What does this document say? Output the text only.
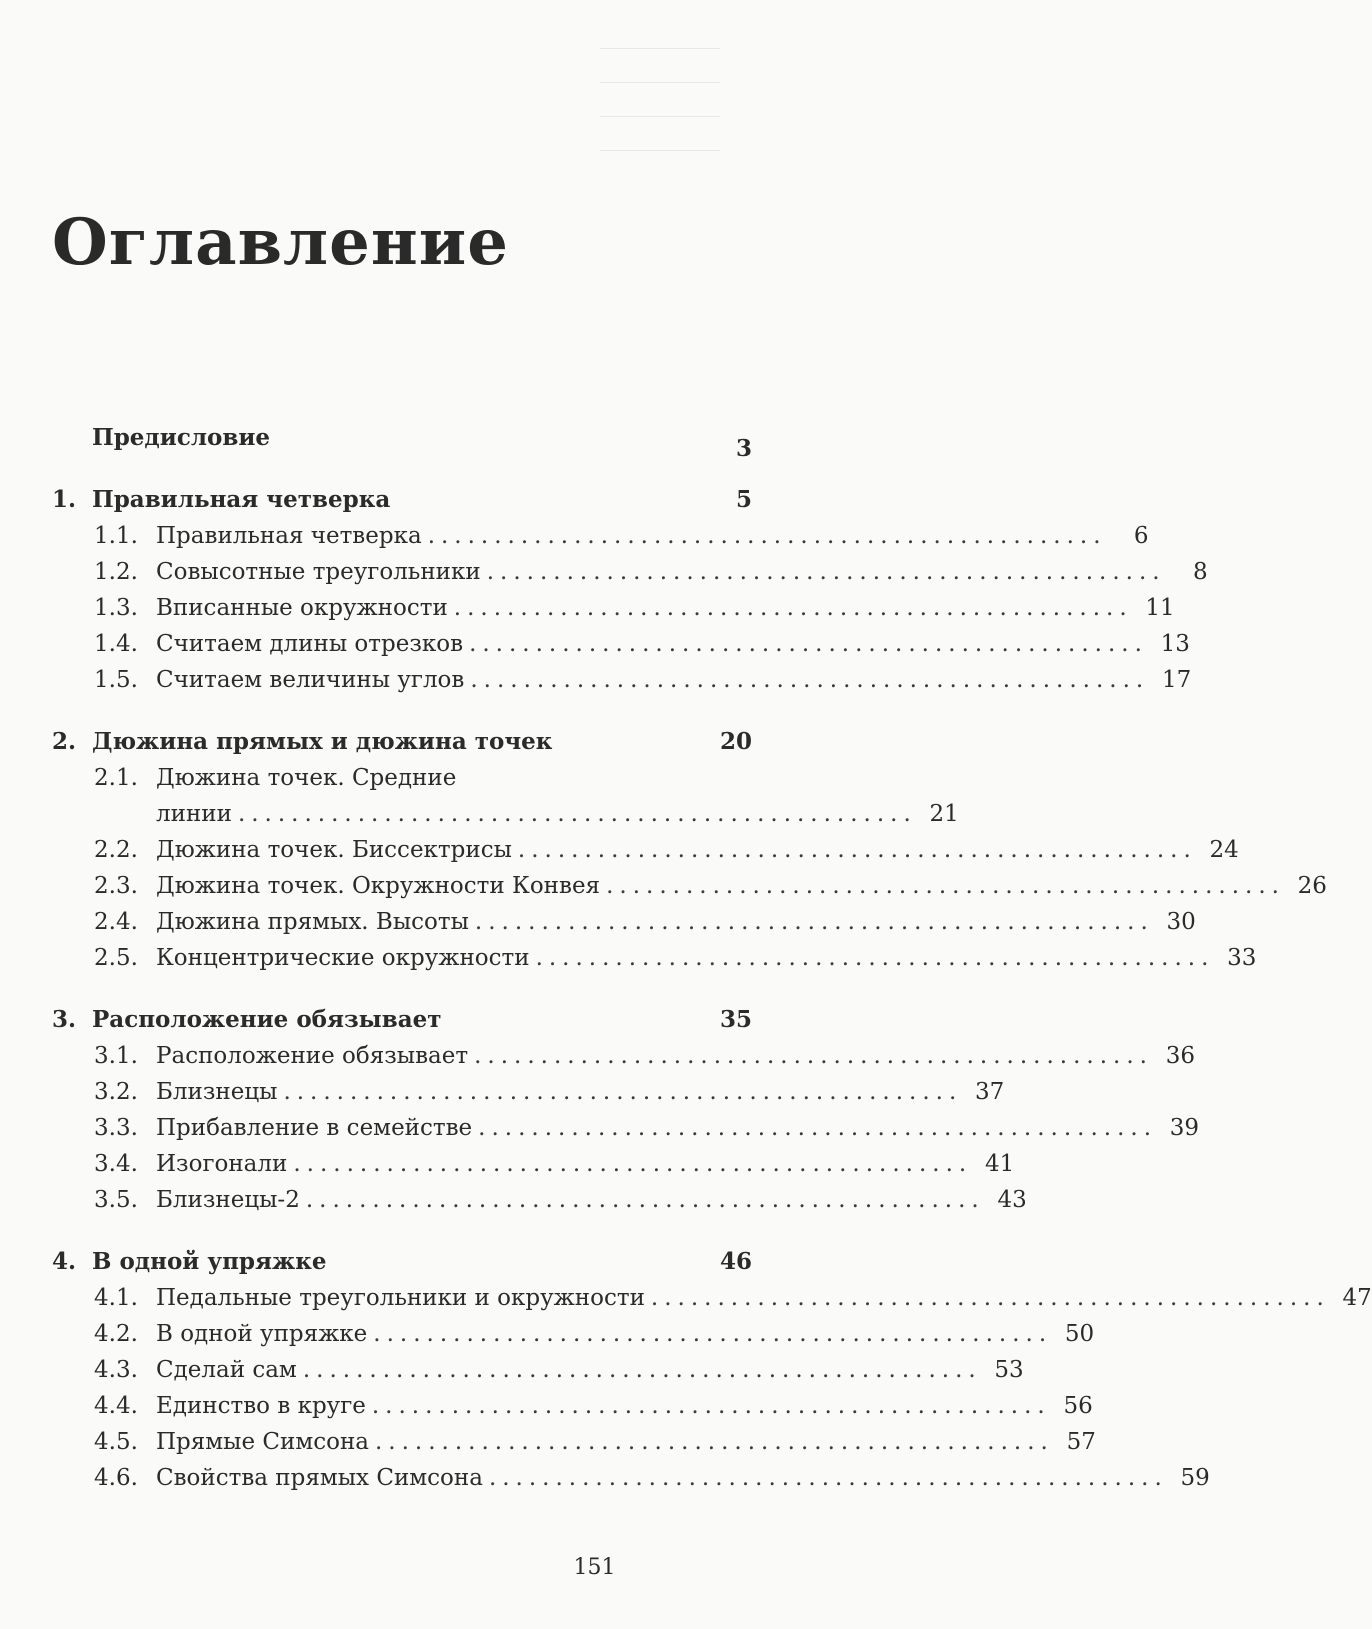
Оглавление
Предисловие	3
1. Правильная четверка	5
1.1. Правильная четверка ...................................................	6
1.2. Совысотные треугольники ...................................................	8
1.3. Вписанные окружности ................................................... 11
1.4. Считаем длины отрезков ................................................... 13
1.5. Считаем величины углов ................................................... 17
2. Дюжина прямых и дюжина точек	20
2.1. Дюжина точек. Средние
линии ................................................... 21
2.2. Дюжина точек. Биссектрисы ................................................... 24
2.3. Дюжина точек. Окружности Конвея ................................................... 26
2.4. Дюжина прямых. Высоты ................................................... 30
2.5. Концентрические окружности ................................................... 33
3. Расположение обязывает	35
3.1. Расположение обязывает ................................................... 36
3.2. Близнецы ................................................... 37
3.3. Прибавление в семействе ................................................... 39
3.4. Изогонали ................................................... 41
3.5. Близнецы-2 ................................................... 43
4. В одной упряжке	46
4.1. Педальные треугольники и окружности ................................................... 47
4.2. В одной упряжке ................................................... 50
4.3. Сделай сам ................................................... 53
4.4. Единство в круге ................................................... 56
4.5. Прямые Симсона ................................................... 57
4.6. Свойства прямых Симсона ................................................... 59
151
